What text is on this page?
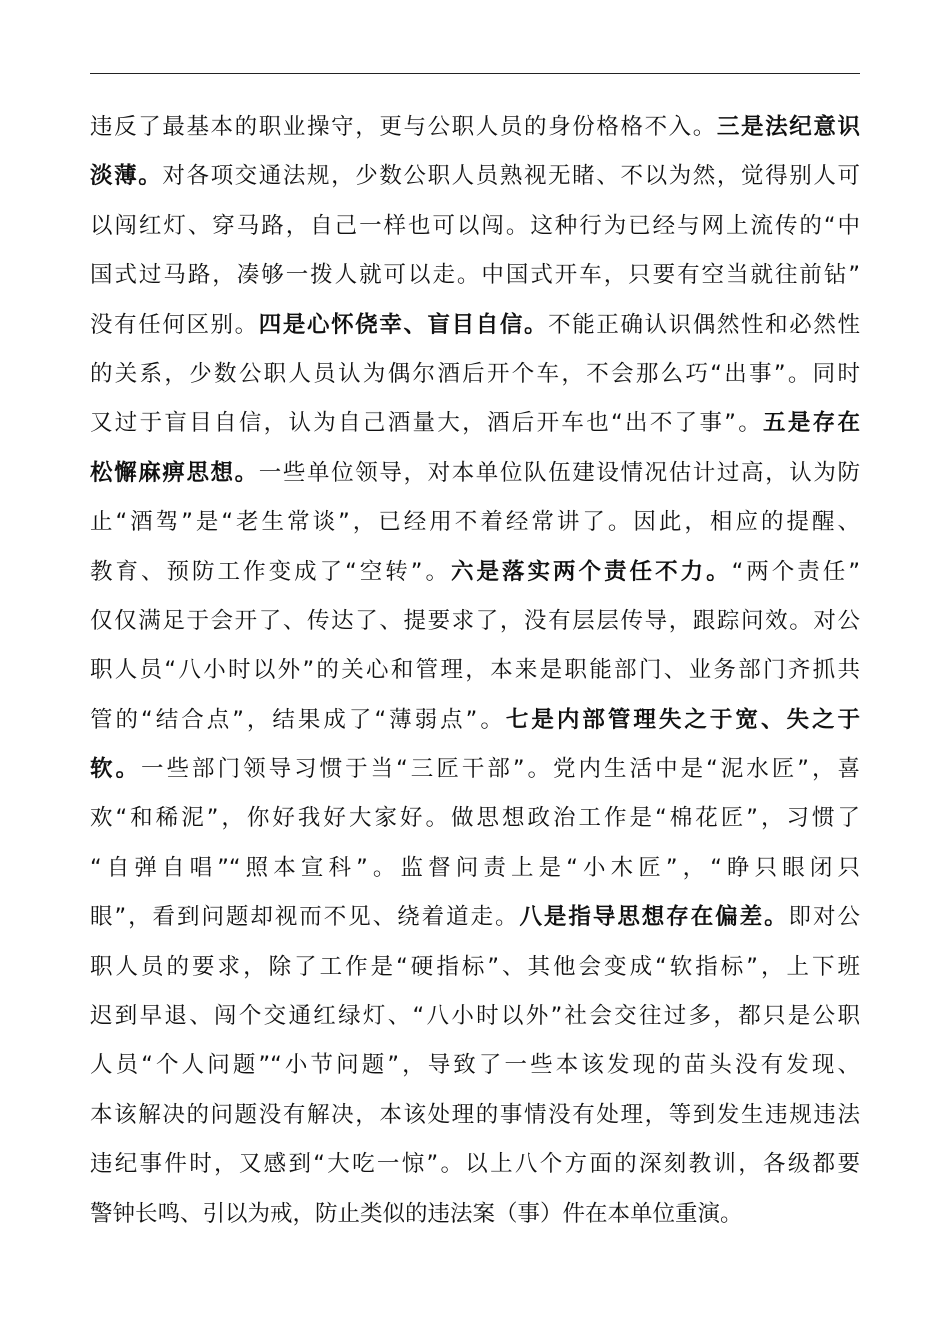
违反了最基本的职业操守，更与公职人员的身份格格不入。三是法纪意识
淡薄。对各项交通法规，少数公职人员熟视无睹、不以为然，觉得别人可
以闯红灯、穿马路，自己一样也可以闯。这种行为已经与网上流传的“中
国式过马路，凑够一拨人就可以走。中国式开车，只要有空当就往前钻”
没有任何区别。四是心怀侥幸、盲目自信。不能正确认识偶然性和必然性
的关系，少数公职人员认为偶尔酒后开个车，不会那么巧“出事”。同时
又过于盲目自信，认为自己酒量大，酒后开车也“出不了事”。五是存在
松懈麻痹思想。一些单位领导，对本单位队伍建设情况估计过高，认为防
止“酒驾”是“老生常谈”，已经用不着经常讲了。因此，相应的提醒、
教育、预防工作变成了“空转”。六是落实两个责任不力。“两个责任”
仅仅满足于会开了、传达了、提要求了，没有层层传导，跟踪问效。对公
职人员“八小时以外”的关心和管理，本来是职能部门、业务部门齐抓共
管的“结合点”，结果成了“薄弱点”。七是内部管理失之于宽、失之于
软。一些部门领导习惯于当“三匠干部”。党内生活中是“泥水匠”，喜
欢“和稀泥”，你好我好大家好。做思想政治工作是“棉花匠”，习惯了
“自弹自唱”“照本宣科”。监督问责上是“小木匠”，“睁只眼闭只
眼”，看到问题却视而不见、绕着道走。八是指导思想存在偏差。即对公
职人员的要求，除了工作是“硬指标”、其他会变成“软指标”，上下班
迟到早退、闯个交通红绿灯、“八小时以外”社会交往过多，都只是公职
人员“个人问题”“小节问题”，导致了一些本该发现的苗头没有发现、
本该解决的问题没有解决，本该处理的事情没有处理，等到发生违规违法
违纪事件时，又感到“大吃一惊”。以上八个方面的深刻教训，各级都要
警钟长鸣、引以为戒，防止类似的违法案（事）件在本单位重演。
